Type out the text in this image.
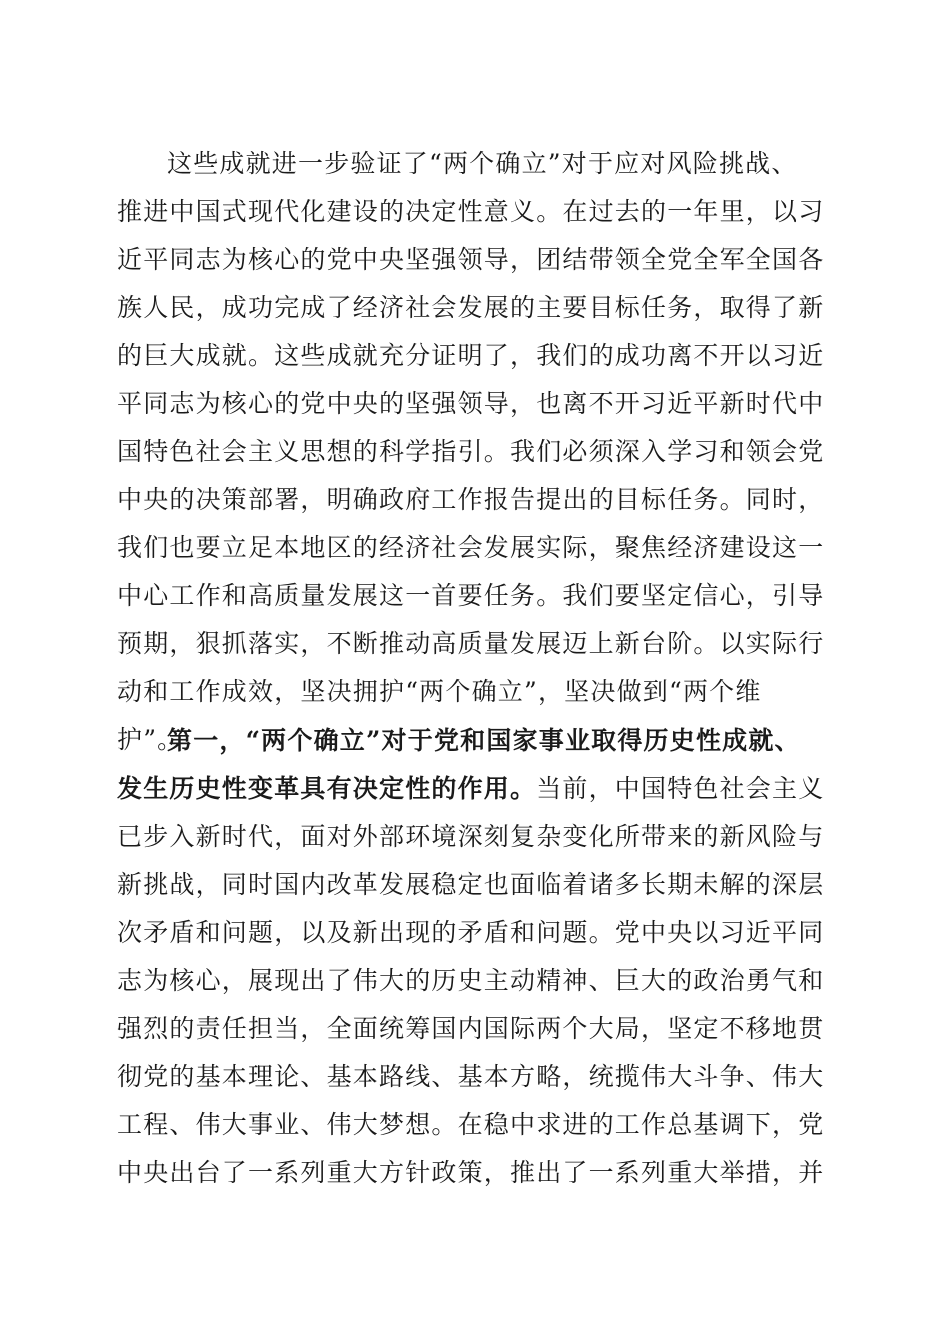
这些成就进一步验证了“两个确立”对于应对风险挑战、
推进中国式现代化建设的决定性意义。在过去的一年里，以习
近平同志为核心的党中央坚强领导，团结带领全党全军全国各
族人民，成功完成了经济社会发展的主要目标任务，取得了新
的巨大成就。这些成就充分证明了，我们的成功离不开以习近
平同志为核心的党中央的坚强领导，也离不开习近平新时代中
国特色社会主义思想的科学指引。我们必须深入学习和领会党
中央的决策部署，明确政府工作报告提出的目标任务。同时，
我们也要立足本地区的经济社会发展实际，聚焦经济建设这一
中心工作和高质量发展这一首要任务。我们要坚定信心，引导
预期，狠抓落实，不断推动高质量发展迈上新台阶。以实际行
动和工作成效，坚决拥护“两个确立”，坚决做到“两个维
护”。
第一，“两个确立”对于党和国家事业取得历史性成就、
发生历史性变革具有决定性的作用。当前，中国特色社会主义
已步入新时代，面对外部环境深刻复杂变化所带来的新风险与
新挑战，同时国内改革发展稳定也面临着诸多长期未解的深层
次矛盾和问题，以及新出现的矛盾和问题。党中央以习近平同
志为核心，展现出了伟大的历史主动精神、巨大的政治勇气和
强烈的责任担当，全面统筹国内国际两个大局，坚定不移地贯
彻党的基本理论、基本路线、基本方略，统揽伟大斗争、伟大
工程、伟大事业、伟大梦想。在稳中求进的工作总基调下，党
中央出台了一系列重大方针政策，推出了一系列重大举措，并
